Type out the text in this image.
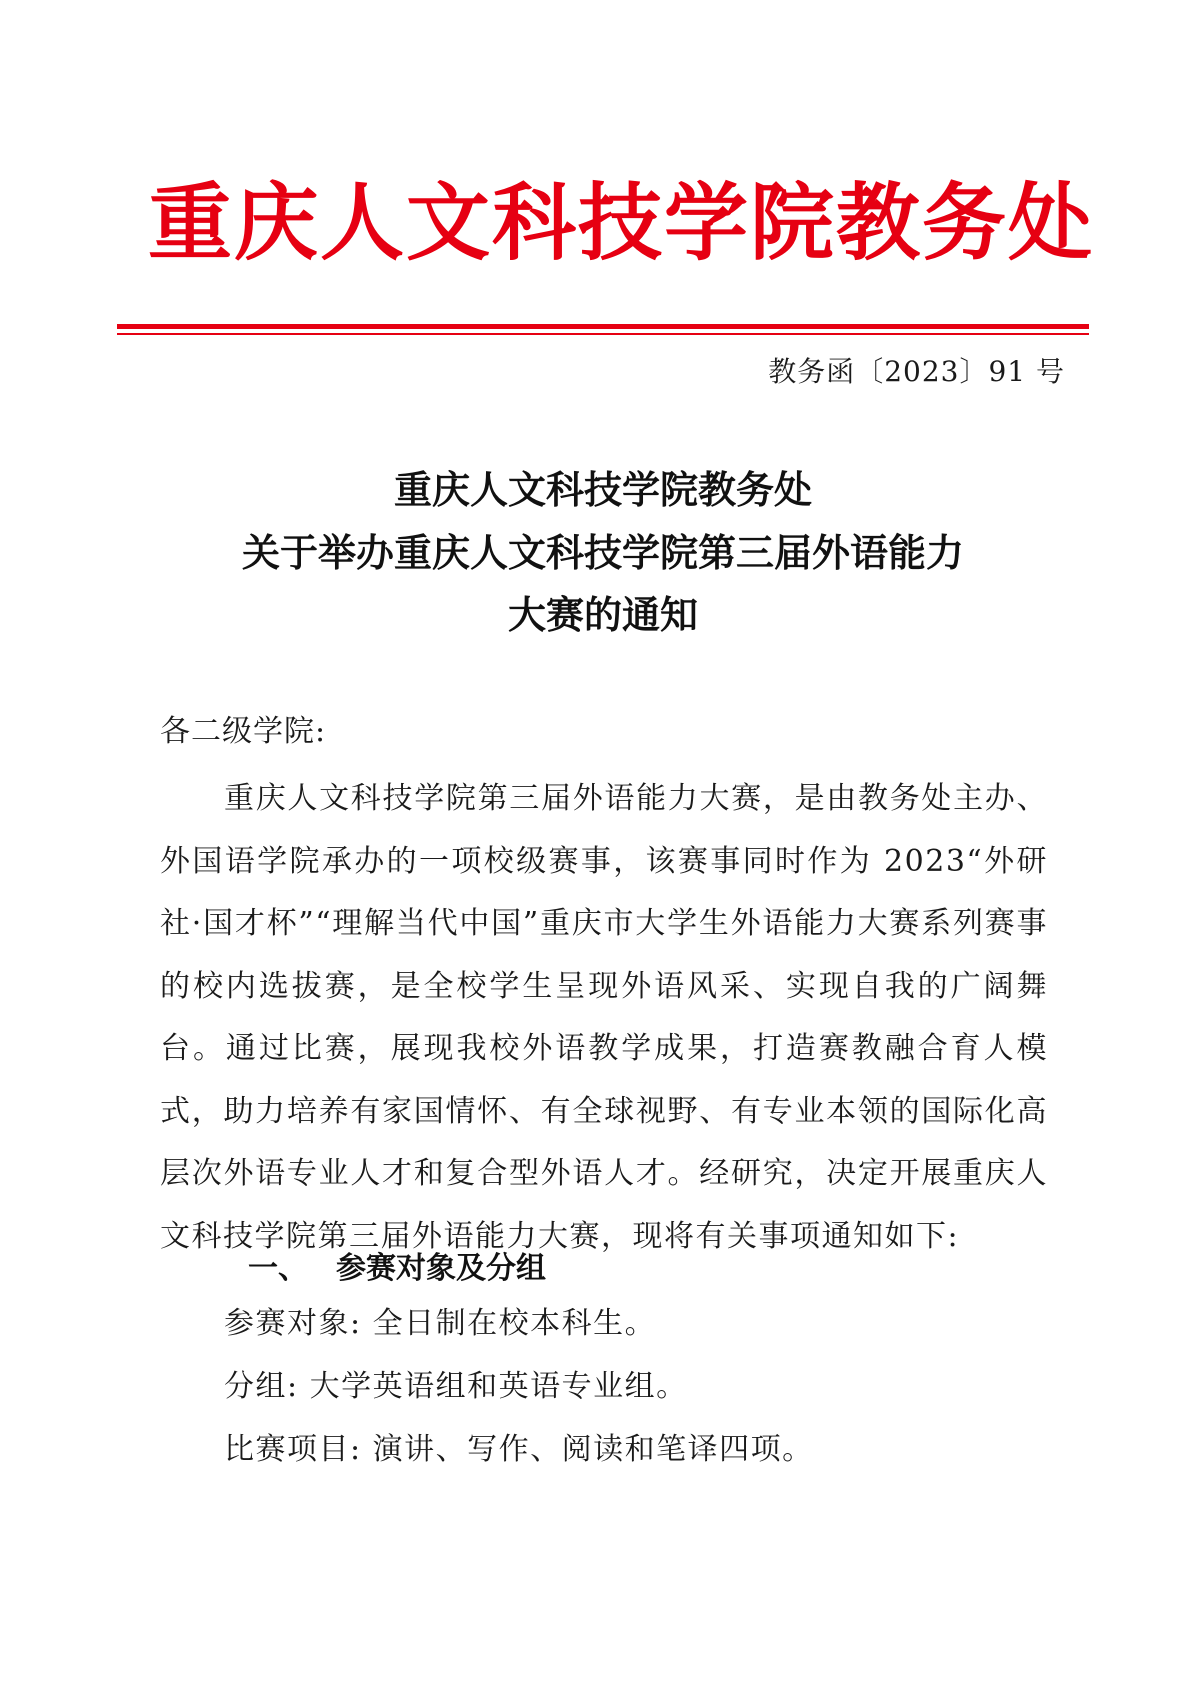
重庆人文科技学院教务处
教务函〔2023〕91 号
重庆人文科技学院教务处
关于举办重庆人文科技学院第三届外语能力
大赛的通知
各二级学院:
重庆人文科技学院第三届外语能力大赛，是由教务处主办、外国语学院承办的一项校级赛事，该赛事同时作为 2023“外研社·国才杯”“理解当代中国”重庆市大学生外语能力大赛系列赛事的校内选拔赛，是全校学生呈现外语风采、实现自我的广阔舞台。通过比赛，展现我校外语教学成果，打造赛教融合育人模式，助力培养有家国情怀、有全球视野、有专业本领的国际化高层次外语专业人才和复合型外语人才。经研究，决定开展重庆人文科技学院第三届外语能力大赛，现将有关事项通知如下:
一、 参赛对象及分组
参赛对象: 全日制在校本科生。
分组: 大学英语组和英语专业组。
比赛项目: 演讲、写作、阅读和笔译四项。
